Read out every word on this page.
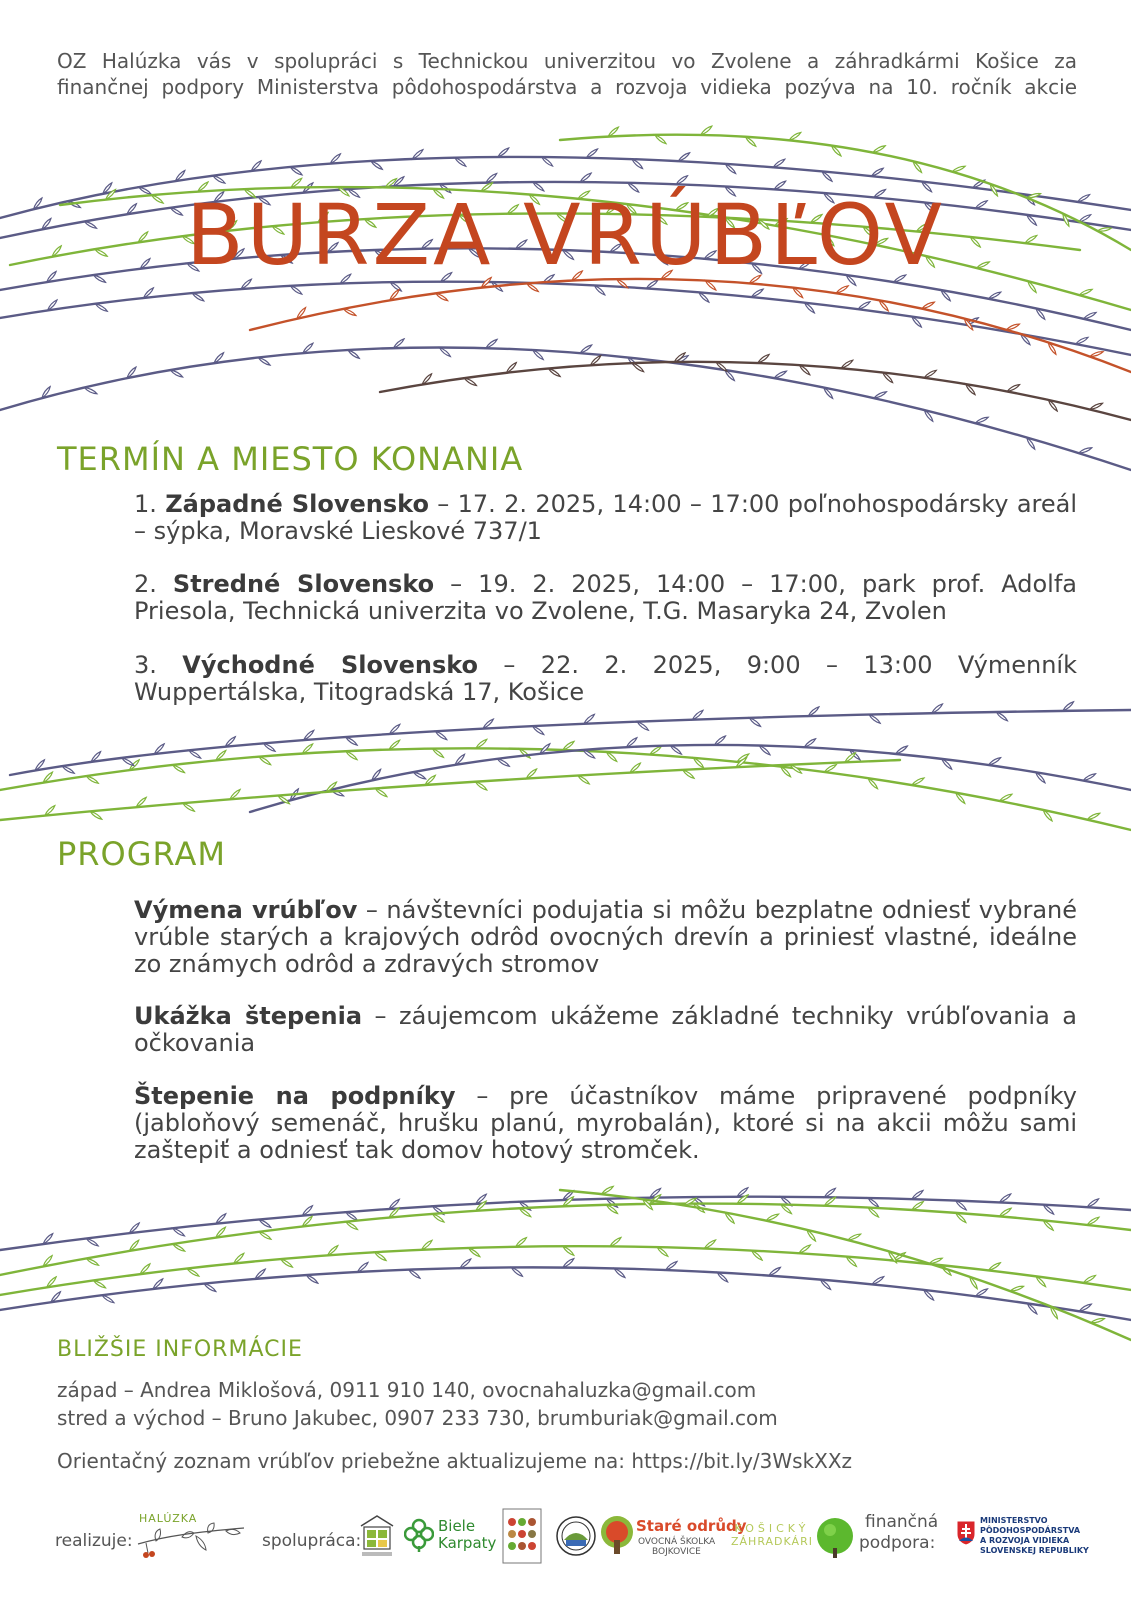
OZ Halúzka vás v spolupráci s Technickou univerzitou vo Zvolene a záhradkármi Košice za
finančnej podpory Ministerstva pôdohospodárstva a rozvoja vidieka pozýva na 10. ročník akcie
BURZA VRÚBĽOV
TERMÍN A MIESTO KONANIA
1. Západné Slovensko – 17. 2. 2025, 14:00 – 17:00 poľnohospodársky areál – sýpka, Moravské Lieskové 737/1
2. Stredné Slovensko – 19. 2. 2025, 14:00 – 17:00, park prof. Adolfa Priesola, Technická univerzita vo Zvolene, T.G. Masaryka 24, Zvolen
3. Východné Slovensko – 22. 2. 2025, 9:00 – 13:00 Výmenník Wuppertálska, Titogradská 17, Košice
PROGRAM
Výmena vrúbľov – návštevníci podujatia si môžu bezplatne odniesť vybrané vrúble starých a krajových odrôd ovocných drevín a priniesť vlastné, ideálne zo známych odrôd a zdravých stromov
Ukážka štepenia – záujemcom ukážeme základné techniky vrúbľovania a očkovania
Štepenie na podpníky – pre účastníkov máme pripravené podpníky (jabloňový semenáč, hrušku planú, myrobalán), ktoré si na akcii môžu sami zaštepiť a odniesť tak domov hotový stromček.
BLIŽŠIE INFORMÁCIE
západ – Andrea Miklošová, 0911 910 140, ovocnahaluzka@gmail.com
stred a východ – Bruno Jakubec, 0907 233 730, brumburiak@gmail.com
Orientačný zoznam vrúbľov priebežne aktualizujeme na: https://bit.ly/3WskXXz
realizuje:
HALÚZKA
spolupráca:
Biele
Karpaty
Staré odrůdy
OVOCNÁ ŠKOLKA
BOJKOVICE
KOŠICKÝ
ZÁHRADKÁRI
finančná
podpora:
MINISTERSTVO
PÔDOHOSPODÁRSTVA
A ROZVOJA VIDIEKA
SLOVENSKEJ REPUBLIKY
